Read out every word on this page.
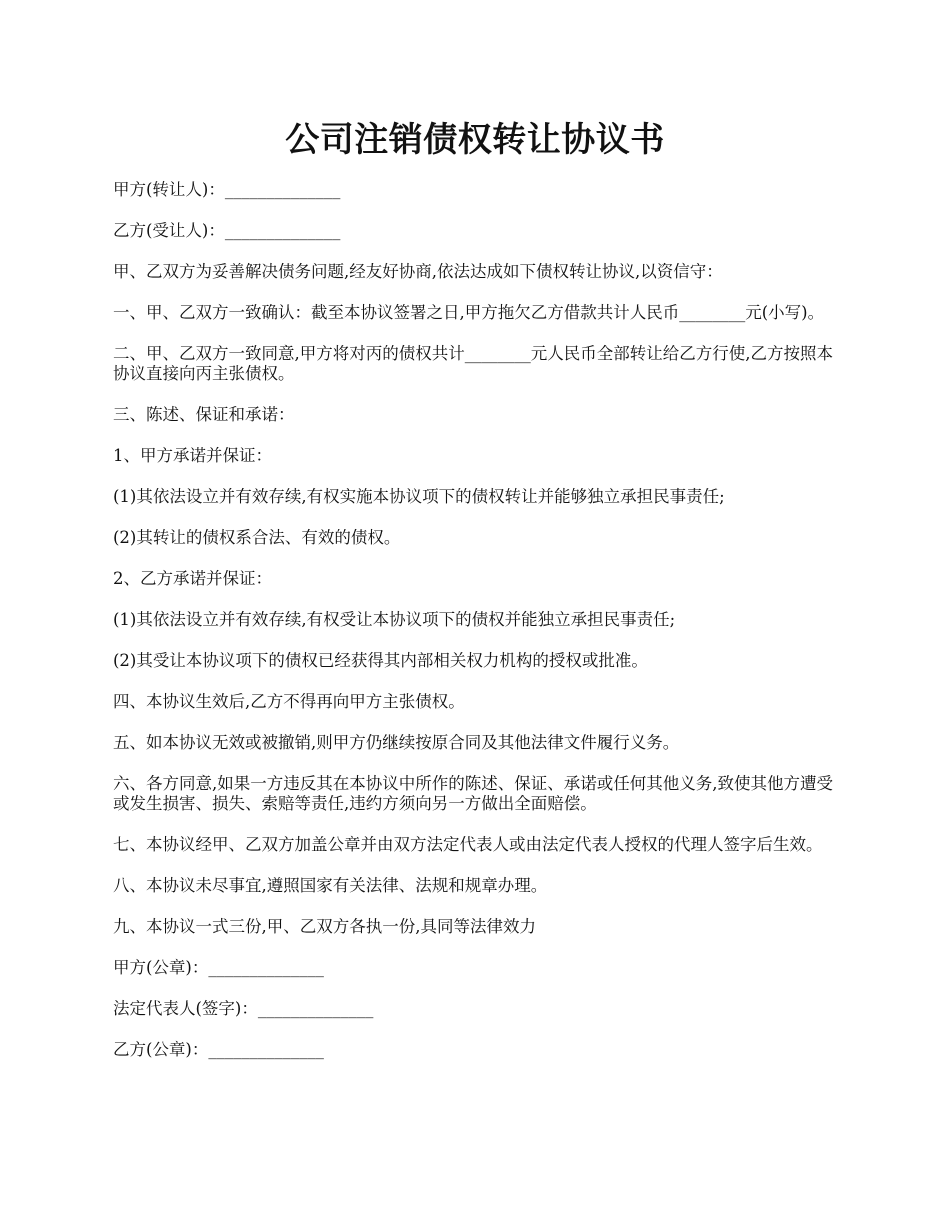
公司注销债权转让协议书

甲方(转让人)：______________

乙方(受让人)：______________

甲、乙双方为妥善解决债务问题,经友好协商,依法达成如下债权转让协议,以资信守：

一、甲、乙双方一致确认：截至本协议签署之日,甲方拖欠乙方借款共计人民币________元(小写)。

二、甲、乙双方一致同意,甲方将对丙的债权共计________元人民币全部转让给乙方行使,乙方按照本协议直接向丙主张债权。

三、陈述、保证和承诺：

1、甲方承诺并保证：

(1)其依法设立并有效存续,有权实施本协议项下的债权转让并能够独立承担民事责任;

(2)其转让的债权系合法、有效的债权。

2、乙方承诺并保证：

(1)其依法设立并有效存续,有权受让本协议项下的债权并能独立承担民事责任;

(2)其受让本协议项下的债权已经获得其内部相关权力机构的授权或批准。

四、本协议生效后,乙方不得再向甲方主张债权。

五、如本协议无效或被撤销,则甲方仍继续按原合同及其他法律文件履行义务。

六、各方同意,如果一方违反其在本协议中所作的陈述、保证、承诺或任何其他义务,致使其他方遭受或发生损害、损失、索赔等责任,违约方须向另一方做出全面赔偿。

七、本协议经甲、乙双方加盖公章并由双方法定代表人或由法定代表人授权的代理人签字后生效。

八、本协议未尽事宜,遵照国家有关法律、法规和规章办理。

九、本协议一式三份,甲、乙双方各执一份,具同等法律效力

甲方(公章)：______________

法定代表人(签字)：______________

乙方(公章)：______________
